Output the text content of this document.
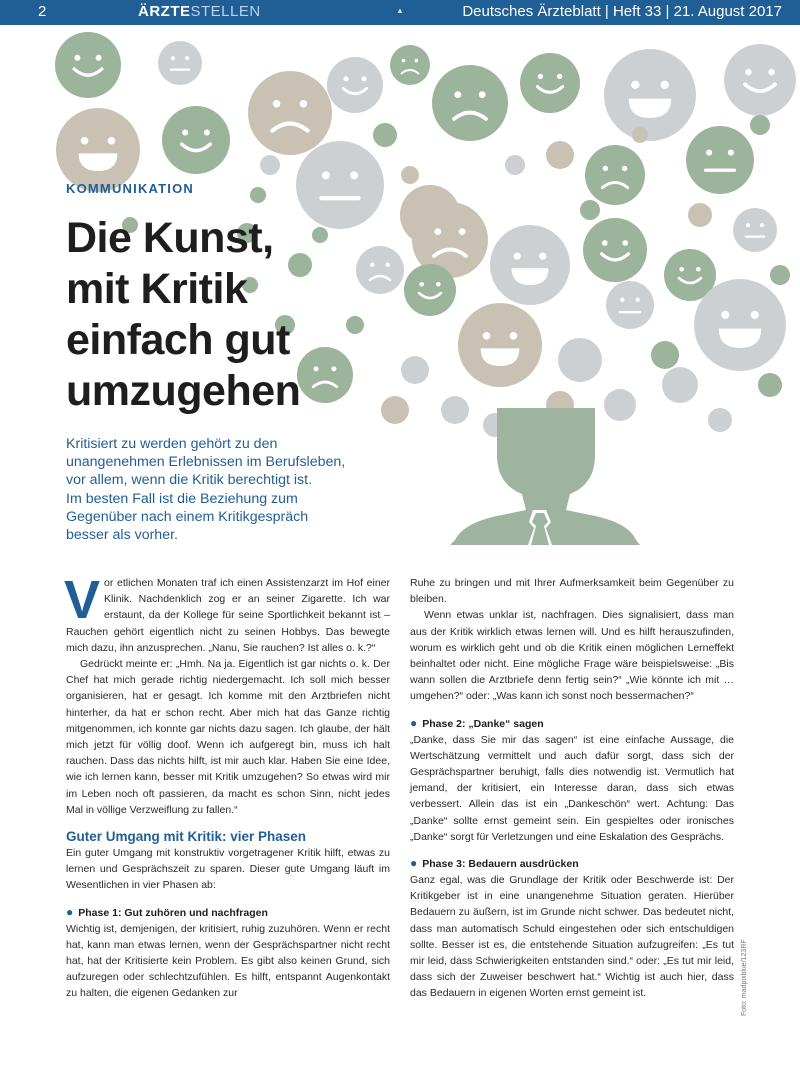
2	ÄRZTESTELLEN	▲	Deutsches Ärzteblatt | Heft 33 | 21. August 2017
KOMMUNIKATION
Die Kunst,
mit Kritik
einfach gut
umzugehen
Kritisiert zu werden gehört zu den
unangenehmen Erlebnissen im Berufsleben,
vor allem, wenn die Kritik berechtigt ist.
Im besten Fall ist die Beziehung zum
Gegenüber nach einem Kritikgespräch
besser als vorher.

Vor etlichen Monaten traf ich einen Assistenzarzt im Hof einer Klinik. Nachdenklich zog er an seiner Zigarette. Ich war erstaunt, da der Kollege für seine Sportlichkeit bekannt ist – Rauchen gehört eigentlich nicht zu seinen Hobbys. Das bewegte mich dazu, ihn anzusprechen. „Nanu, Sie rauchen? Ist alles o. k.?“

Gedrückt meinte er: „Hmh. Na ja. Eigentlich ist gar nichts o. k. Der Chef hat mich gerade richtig niedergemacht. Ich soll mich besser organisieren, hat er gesagt. Ich komme mit den Arztbriefen nicht hinterher, da hat er schon recht. Aber mich hat das Ganze richtig mitgenommen, ich konnte gar nichts dazu sagen. Ich glaube, der hält mich jetzt für völlig doof. Wenn ich aufgeregt bin, muss ich halt rauchen. Dass das nichts hilft, ist mir auch klar. Haben Sie eine Idee, wie ich lernen kann, besser mit Kritik umzugehen? So etwas wird mir im Leben noch oft passieren, da macht es schon Sinn, nicht jedes Mal in völlige Verzweiflung zu fallen.“

Guter Umgang mit Kritik: vier Phasen

Ein guter Umgang mit konstruktiv vorgetragener Kritik hilft, etwas zu lernen und Gesprächszeit zu sparen. Dieser gute Umgang läuft im Wesentlichen in vier Phasen ab:

● Phase 1: Gut zuhören und nachfragen

Wichtig ist, demjenigen, der kritisiert, ruhig zuzuhören. Wenn er recht hat, kann man etwas lernen, wenn der Gesprächspartner nicht recht hat, hat der Kritisierte kein Problem. Es gibt also keinen Grund, sich aufzuregen oder schlechtzufühlen. Es hilft, entspannt Augenkontakt zu halten, die eigenen Gedanken zur

Ruhe zu bringen und mit Ihrer Aufmerksamkeit beim Gegenüber zu bleiben.

Wenn etwas unklar ist, nachfragen. Dies signalisiert, dass man aus der Kritik wirklich etwas lernen will. Und es hilft herauszufinden, worum es wirklich geht und ob die Kritik einen möglichen Lerneffekt beinhaltet oder nicht. Eine mögliche Frage wäre beispielsweise: „Bis wann sollen die Arztbriefe denn fertig sein?“ „Wie könnte ich mit … umgehen?“ oder: „Was kann ich sonst noch bessermachen?“

● Phase 2: „Danke“ sagen

„Danke, dass Sie mir das sagen“ ist eine einfache Aussage, die Wertschätzung vermittelt und auch dafür sorgt, dass sich der Gesprächspartner beruhigt, falls dies notwendig ist. Vermutlich hat jemand, der kritisiert, ein Interesse daran, dass sich etwas verbessert. Allein das ist ein „Dankeschön“ wert. Achtung: Das „Danke“ sollte ernst gemeint sein. Ein gespieltes oder ironisches „Danke“ sorgt für Verletzungen und eine Eskalation des Gesprächs.

● Phase 3: Bedauern ausdrücken

Ganz egal, was die Grundlage der Kritik oder Beschwerde ist: Der Kritikgeber ist in eine unangenehme Situation geraten. Hierüber Bedauern zu äußern, ist im Grunde nicht schwer. Das bedeutet nicht, dass man automatisch Schuld eingestehen oder sich entschuldigen sollte. Besser ist es, die entstehende Situation aufzugreifen: „Es tut mir leid, dass Schwierigkeiten entstanden sind.“ oder: „Es tut mir leid, dass sich der Zuweiser beschwert hat.“ Wichtig ist auch hier, dass das Bedauern in eigenen Worten ernst gemeint ist.	Foto: madpixblue/123RF
